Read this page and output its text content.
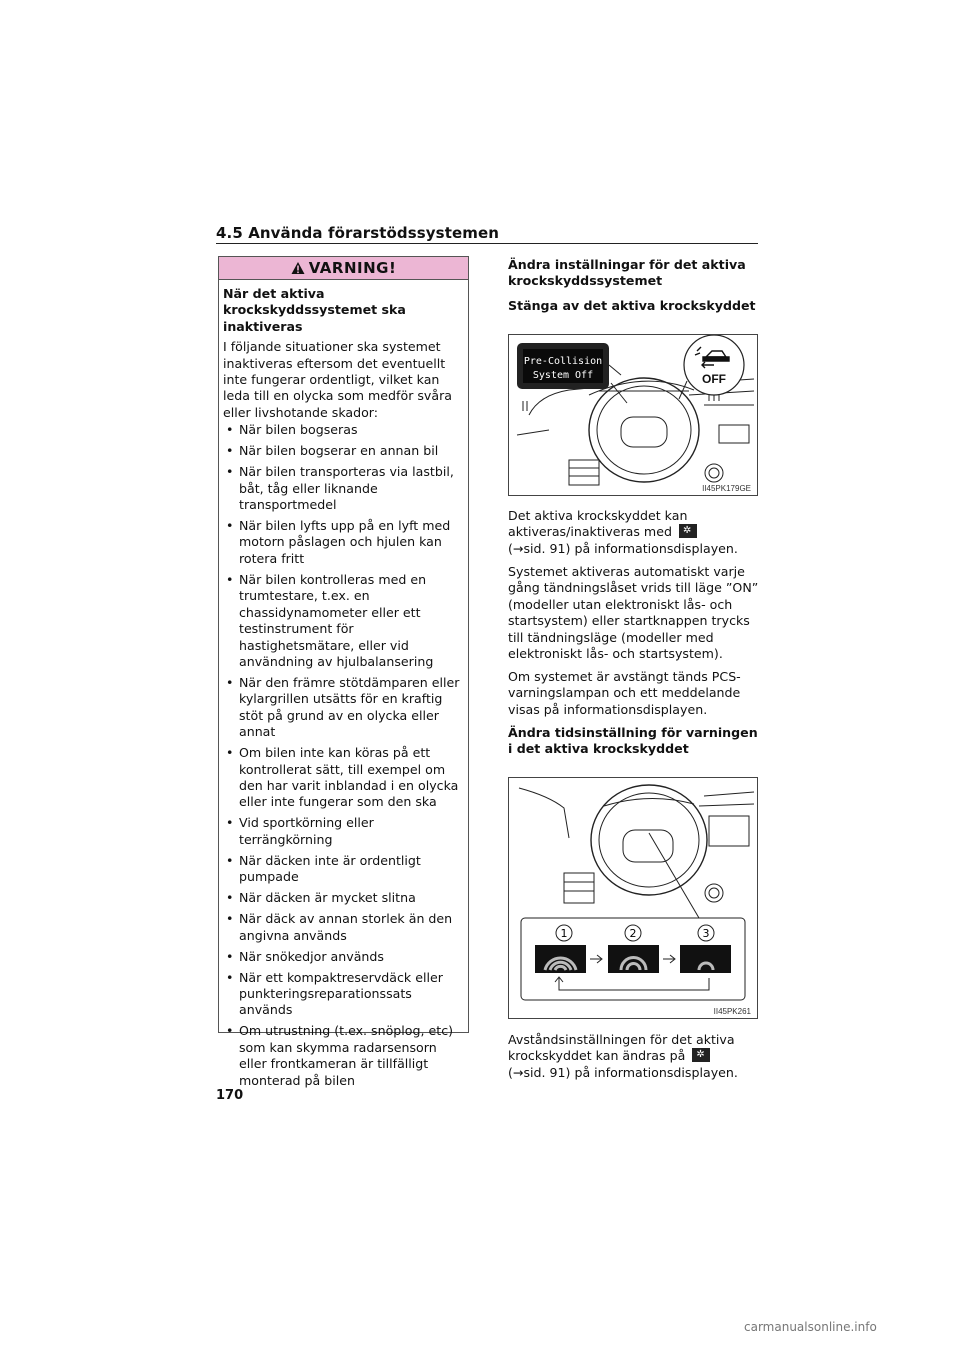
4.5 Använda förarstödssystemen
VARNING!
När det aktiva krockskyddssystemet ska inaktiveras
I följande situationer ska systemet inaktiveras eftersom det eventuellt inte fungerar ordentligt, vilket kan leda till en olycka som medför svåra eller livshotande skador:
• När bilen bogseras
• När bilen bogserar en annan bil
• När bilen transporteras via lastbil, båt, tåg eller liknande transportmedel
• När bilen lyfts upp på en lyft med motorn påslagen och hjulen kan rotera fritt
• När bilen kontrolleras med en trumtestare, t.ex. en chassidynamometer eller ett testinstrument för hastighetsmätare, eller vid användning av hjulbalansering
• När den främre stötdämparen eller kylargrillen utsätts för en kraftig stöt på grund av en olycka eller annat
• Om bilen inte kan köras på ett kontrollerat sätt, till exempel om den har varit inblandad i en olycka eller inte fungerar som den ska
• Vid sportkörning eller terrängkörning
• När däcken inte är ordentligt pumpade
• När däcken är mycket slitna
• När däck av annan storlek än den angivna används
• När snökedjor används
• När ett kompaktreservdäck eller punkteringsreparationssats används
• Om utrustning (t.ex. snöplog, etc) som kan skymma radarsensorn eller frontkameran är tillfälligt monterad på bilen
Ändra inställningar för det aktiva krockskyddssystemet
Stänga av det aktiva krockskyddet
Pre-Collision
System Off	OFF
II45PK179GE
Det aktiva krockskyddet kan aktiveras/inaktiveras med ✲
(→sid. 91) på informationsdisplayen.
Systemet aktiveras automatiskt varje gång tändningslåset vrids till läge ”ON” (modeller utan elektroniskt lås- och startsystem) eller startknappen trycks till tändningsläge (modeller med elektroniskt lås- och startsystem).
Om systemet är avstängt tänds PCS-varningslampan och ett meddelande visas på informationsdisplayen.
Ändra tidsinställning för varningen i det aktiva krockskyddet
1	2	3
II45PK261
Avståndsinställningen för det aktiva krockskyddet kan ändras på ✲
(→sid. 91) på informationsdisplayen.
170
carmanualsonline.info
